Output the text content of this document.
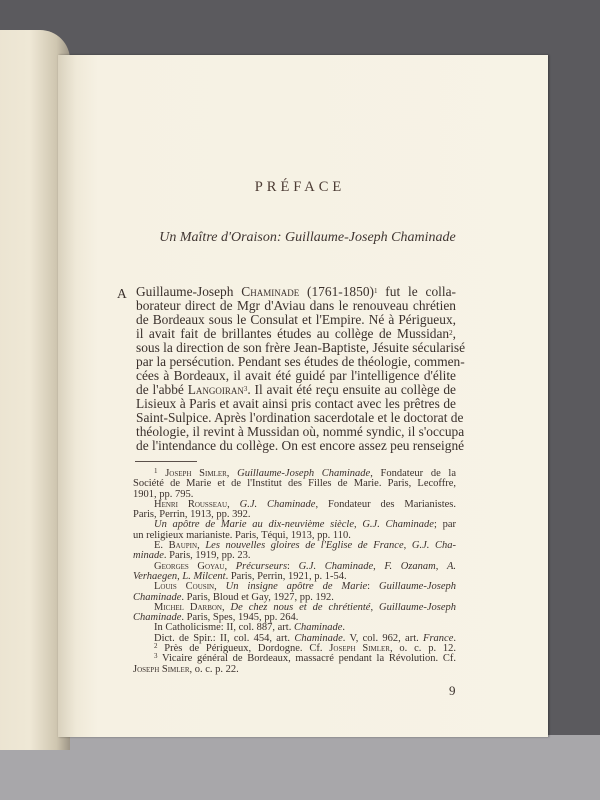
PRÉFACE
Un Maître d'Oraison: Guillaume-Joseph Chaminade
A Guillaume-Joseph Chaminade (1761-1850)$^1$ fut le colla-
borateur direct de Mgr d'Aviau dans le renouveau chrétien
de Bordeaux sous le Consulat et l'Empire. Né à Périgueux,
il avait fait de brillantes études au collège de Mussidan$^2$,
sous la direction de son frère Jean-Baptiste, Jésuite sécularisé
par la persécution. Pendant ses études de théologie, commen-
cées à Bordeaux, il avait été guidé par l'intelligence d'élite
de l'abbé Langoiran$^3$. Il avait été reçu ensuite au collège de
Lisieux à Paris et avait ainsi pris contact avec les prêtres de
Saint-Sulpice. Après l'ordination sacerdotale et le doctorat de
théologie, il revint à Mussidan où, nommé syndic, il s'occupa
de l'intendance du collège. On est encore assez peu renseigné
$^1$ Joseph Simler, Guillaume-Joseph Chaminade, Fondateur de la
Société de Marie et de l'Institut des Filles de Marie. Paris, Lecoffre,
1901, pp. 795.
Henri Rousseau, G.J. Chaminade, Fondateur des Marianistes.
Paris, Perrin, 1913, pp. 392.
Un apôtre de Marie au dix-neuvième siècle, G.J. Chaminade; par
un religieux marianiste. Paris, Téqui, 1913, pp. 110.
E. Baupin, Les nouvelles gloires de l'Eglise de France, G.J. Cha-
minade. Paris, 1919, pp. 23.
Georges Goyau, Précurseurs: G.J. Chaminade, F. Ozanam, A.
Verhaegen, L. Milcent. Paris, Perrin, 1921, p. 1-54.
Louis Cousin, Un insigne apôtre de Marie: Guillaume-Joseph
Chaminade. Paris, Bloud et Gay, 1927, pp. 192.
Michel Darbon, De chez nous et de chrétienté, Guillaume-Joseph
Chaminade. Paris, Spes, 1945, pp. 264.
In Catholicisme: II, col. 887, art. Chaminade.
Dict. de Spir.: II, col. 454, art. Chaminade. V, col. 962, art. France.
$^2$ Près de Périgueux, Dordogne. Cf. Joseph Simler, o. c. p. 12.
$^3$ Vicaire général de Bordeaux, massacré pendant la Révolution. Cf.
Joseph Simler, o. c. p. 22.
9
